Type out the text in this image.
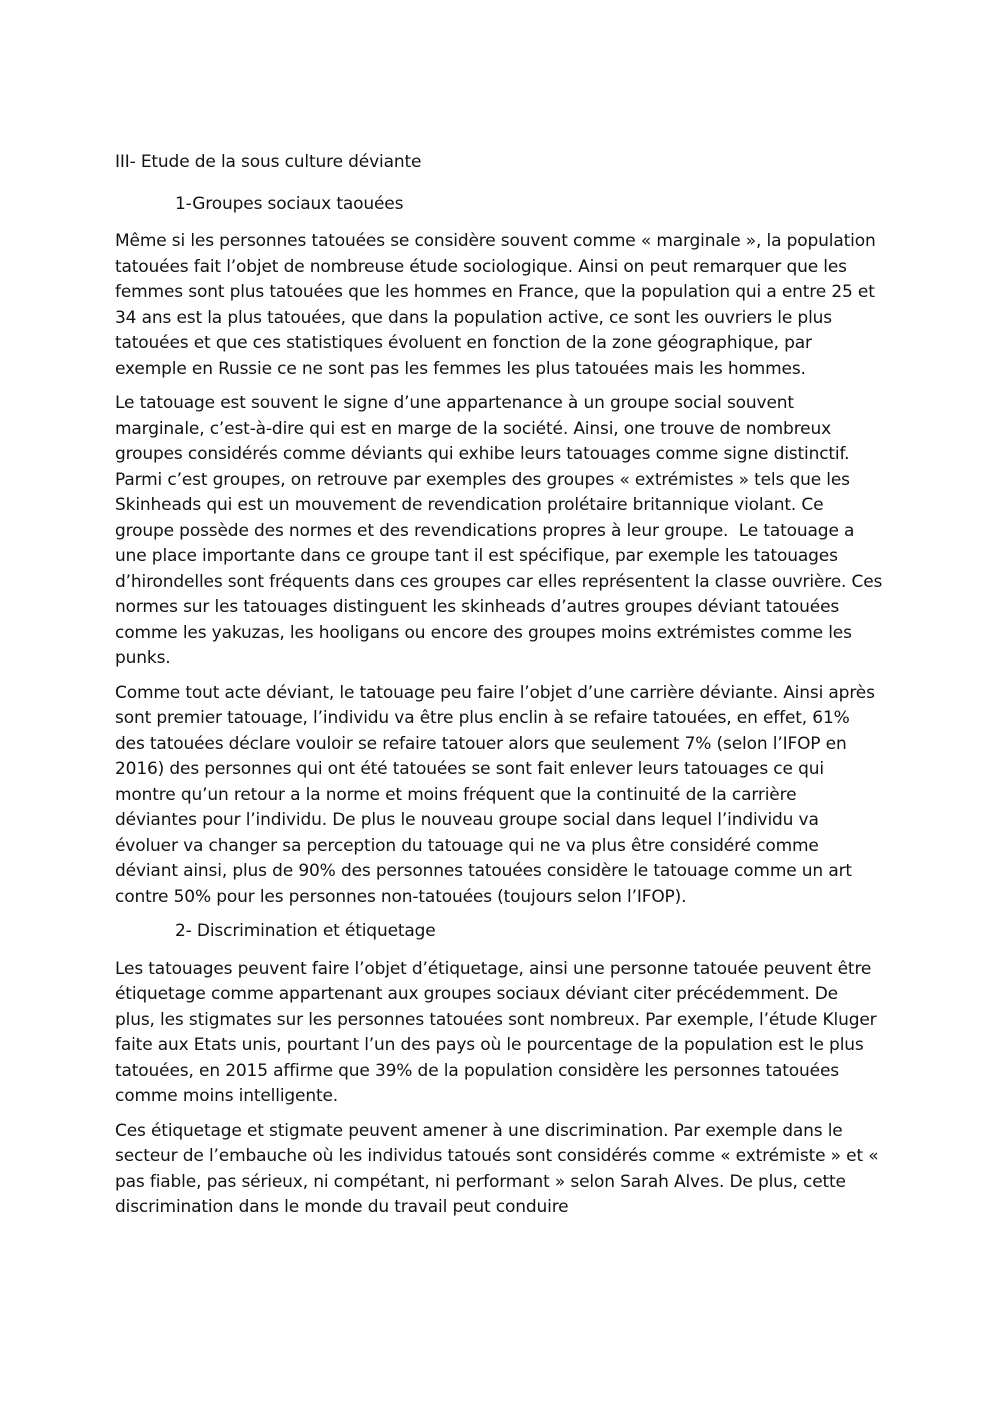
III- Etude de la sous culture déviante

1-Groupes sociaux taouées

Même si les personnes tatouées se considère souvent comme « marginale », la population tatouées fait l’objet de nombreuse étude sociologique. Ainsi on peut remarquer que les femmes sont plus tatouées que les hommes en France, que la population qui a entre 25 et 34 ans est la plus tatouées, que dans la population active, ce sont les ouvriers le plus tatouées et que ces statistiques évoluent en fonction de la zone géographique, par exemple en Russie ce ne sont pas les femmes les plus tatouées mais les hommes.

Le tatouage est souvent le signe d’une appartenance à un groupe social souvent marginale, c’est-à-dire qui est en marge de la société. Ainsi, one trouve de nombreux groupes considérés comme déviants qui exhibe leurs tatouages comme signe distinctif. Parmi c’est groupes, on retrouve par exemples des groupes « extrémistes » tels que les Skinheads qui est un mouvement de revendication prolétaire britannique violant. Ce groupe possède des normes et des revendications propres à leur groupe.  Le tatouage a une place importante dans ce groupe tant il est spécifique, par exemple les tatouages d’hirondelles sont fréquents dans ces groupes car elles représentent la classe ouvrière. Ces normes sur les tatouages distinguent les skinheads d’autres groupes déviant tatouées comme les yakuzas, les hooligans ou encore des groupes moins extrémistes comme les punks.

Comme tout acte déviant, le tatouage peu faire l’objet d’une carrière déviante. Ainsi après sont premier tatouage, l’individu va être plus enclin à se refaire tatouées, en effet, 61% des tatouées déclare vouloir se refaire tatouer alors que seulement 7% (selon l’IFOP en 2016) des personnes qui ont été tatouées se sont fait enlever leurs tatouages ce qui montre qu’un retour a la norme et moins fréquent que la continuité de la carrière déviantes pour l’individu. De plus le nouveau groupe social dans lequel l’individu va évoluer va changer sa perception du tatouage qui ne va plus être considéré comme déviant ainsi, plus de 90% des personnes tatouées considère le tatouage comme un art contre 50% pour les personnes non-tatouées (toujours selon l’IFOP).

2- Discrimination et étiquetage

Les tatouages peuvent faire l’objet d’étiquetage, ainsi une personne tatouée peuvent être étiquetage comme appartenant aux groupes sociaux déviant citer précédemment. De plus, les stigmates sur les personnes tatouées sont nombreux. Par exemple, l’étude Kluger faite aux Etats unis, pourtant l’un des pays où le pourcentage de la population est le plus tatouées, en 2015 affirme que 39% de la population considère les personnes tatouées comme moins intelligente.

Ces étiquetage et stigmate peuvent amener à une discrimination. Par exemple dans le secteur de l’embauche où les individus tatoués sont considérés comme « extrémiste » et « pas fiable, pas sérieux, ni compétant, ni performant » selon Sarah Alves. De plus, cette discrimination dans le monde du travail peut conduire
